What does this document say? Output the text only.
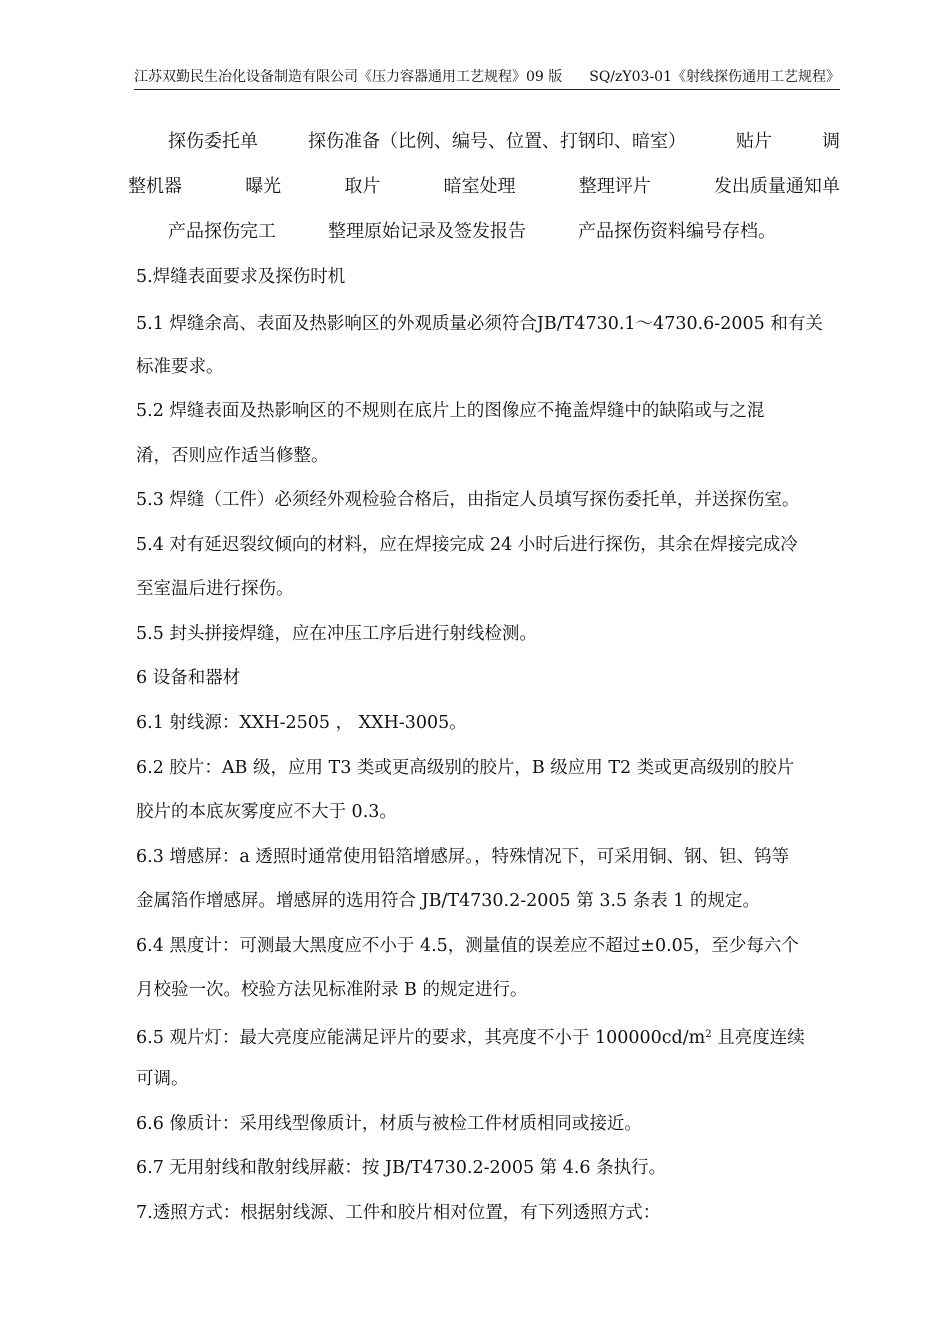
江苏双勤民生冶化设备制造有限公司《压力容器通用工艺规程》09 版 SQ/zY03-01《射线探伤通用工艺规程》
探伤委托单	探伤准备（比例、编号、位置、打钢印、暗室）	贴片	调
整机器	曝光	取片	暗室处理	整理评片	发出质量通知单
产品探伤完工	整理原始记录及签发报告	产品探伤资料编号存档。
5.焊缝表面要求及探伤时机
5.1 焊缝余高、表面及热影响区的外观质量必须符合JB/T4730.1～4730.6-2005 和有关
标准要求。
5.2 焊缝表面及热影响区的不规则在底片上的图像应不掩盖焊缝中的缺陷或与之混
淆，否则应作适当修整。
5.3 焊缝（工件）必须经外观检验合格后，由指定人员填写探伤委托单，并送探伤室。
5.4 对有延迟裂纹倾向的材料，应在焊接完成 24 小时后进行探伤，其余在焊接完成冷
至室温后进行探伤。
5.5 封头拼接焊缝，应在冲压工序后进行射线检测。
6 设备和器材
6.1 射线源：XXH-2505 ， XXH-3005。
6.2 胶片：AB 级，应用 T3 类或更高级别的胶片，B 级应用 T2 类或更高级别的胶片
胶片的本底灰雾度应不大于 0.3。
6.3 增感屏：a 透照时通常使用铅箔增感屏。，特殊情况下，可采用铜、钢、钽、钨等
金属箔作增感屏。增感屏的选用符合 JB/T4730.2-2005 第 3.5 条表 1 的规定。
6.4 黑度计：可测最大黑度应不小于 4.5，测量值的误差应不超过±0.05，至少每六个
月校验一次。校验方法见标准附录 B 的规定进行。
6.5 观片灯：最大亮度应能满足评片的要求，其亮度不小于 $100000cd/m^2$ 且亮度连续
可调。
6.6 像质计：采用线型像质计，材质与被检工件材质相同或接近。
6.7 无用射线和散射线屏蔽：按 JB/T4730.2-2005 第 4.6 条执行。
7.透照方式：根据射线源、工件和胶片相对位置，有下列透照方式：
